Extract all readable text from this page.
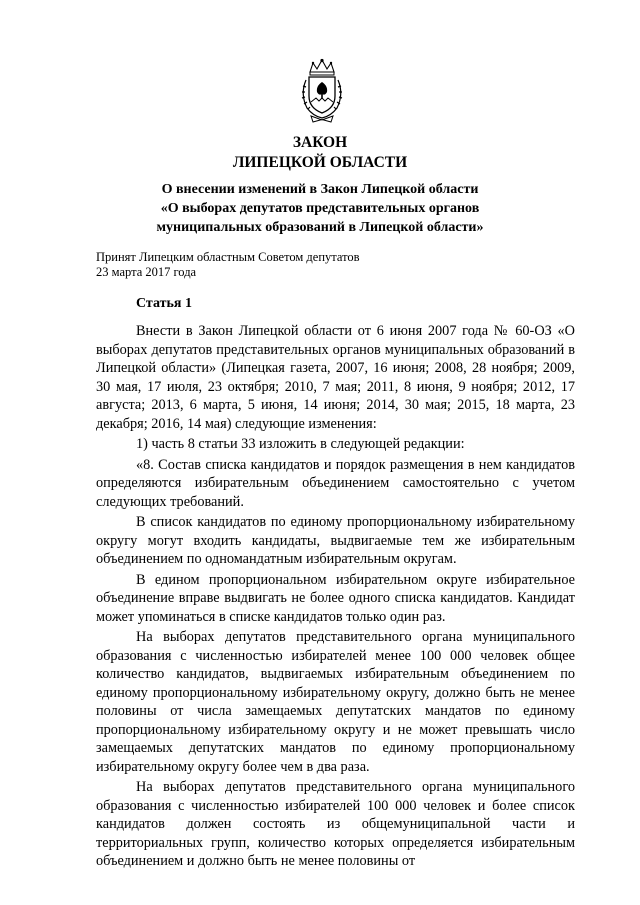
ЗАКОН
ЛИПЕЦКОЙ ОБЛАСТИ
О внесении изменений в Закон Липецкой области
«О выборах депутатов представительных органов
муниципальных образований в Липецкой области»
Принят Липецким областным Советом депутатов
23 марта 2017 года
Статья 1

Внести в Закон Липецкой области от 6 июня 2007 года № 60-ОЗ «О выборах депутатов представительных органов муниципальных образований в Липецкой области» (Липецкая газета, 2007, 16 июня; 2008, 28 ноября; 2009, 30 мая, 17 июля, 23 октября; 2010, 7 мая; 2011, 8 июня, 9 ноября; 2012, 17 августа; 2013, 6 марта, 5 июня, 14 июня; 2014, 30 мая; 2015, 18 марта, 23 декабря; 2016, 14 мая) следующие изменения:

1) часть 8 статьи 33 изложить в следующей редакции:

«8. Состав списка кандидатов и порядок размещения в нем кандидатов определяются избирательным объединением самостоятельно с учетом следующих требований.

В список кандидатов по единому пропорциональному избирательному округу могут входить кандидаты, выдвигаемые тем же избирательным объединением по одномандатным избирательным округам.

В едином пропорциональном избирательном округе избирательное объединение вправе выдвигать не более одного списка кандидатов. Кандидат может упоминаться в списке кандидатов только один раз.

На выборах депутатов представительного органа муниципального образования с численностью избирателей менее 100 000 человек общее количество кандидатов, выдвигаемых избирательным объединением по единому пропорциональному избирательному округу, должно быть не менее половины от числа замещаемых депутатских мандатов по единому пропорциональному избирательному округу и не может превышать число замещаемых депутатских мандатов по единому пропорциональному избирательному округу более чем в два раза.

На выборах депутатов представительного органа муниципального образования с численностью избирателей 100 000 человек и более список кандидатов должен состоять из общемуниципальной части и территориальных групп, количество которых определяется избирательным объединением и должно быть не менее половины от
